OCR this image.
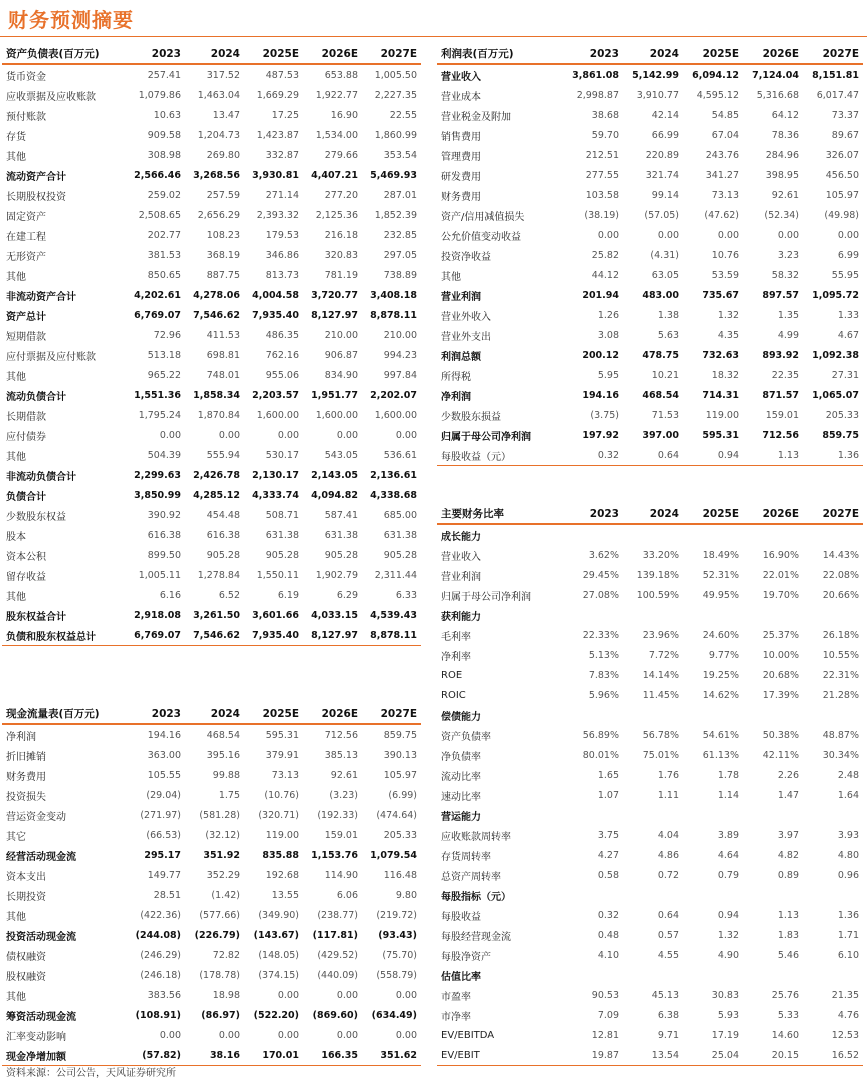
财务预测摘要
资产负债表(百万元)	2023	2024	2025E	2026E	2027E
货币资金	257.41	317.52	487.53	653.88	1,005.50
应收票据及应收账款	1,079.86	1,463.04	1,669.29	1,922.77	2,227.35
预付账款	10.63	13.47	17.25	16.90	22.55
存货	909.58	1,204.73	1,423.87	1,534.00	1,860.99
其他	308.98	269.80	332.87	279.66	353.54
流动资产合计	2,566.46	3,268.56	3,930.81	4,407.21	5,469.93
长期股权投资	259.02	257.59	271.14	277.20	287.01
固定资产	2,508.65	2,656.29	2,393.32	2,125.36	1,852.39
在建工程	202.77	108.23	179.53	216.18	232.85
无形资产	381.53	368.19	346.86	320.83	297.05
其他	850.65	887.75	813.73	781.19	738.89
非流动资产合计	4,202.61	4,278.06	4,004.58	3,720.77	3,408.18
资产总计	6,769.07	7,546.62	7,935.40	8,127.97	8,878.11
短期借款	72.96	411.53	486.35	210.00	210.00
应付票据及应付账款	513.18	698.81	762.16	906.87	994.23
其他	965.22	748.01	955.06	834.90	997.84
流动负债合计	1,551.36	1,858.34	2,203.57	1,951.77	2,202.07
长期借款	1,795.24	1,870.84	1,600.00	1,600.00	1,600.00
应付债券	0.00	0.00	0.00	0.00	0.00
其他	504.39	555.94	530.17	543.05	536.61
非流动负债合计	2,299.63	2,426.78	2,130.17	2,143.05	2,136.61
负债合计	3,850.99	4,285.12	4,333.74	4,094.82	4,338.68
少数股东权益	390.92	454.48	508.71	587.41	685.00
股本	616.38	616.38	631.38	631.38	631.38
资本公积	899.50	905.28	905.28	905.28	905.28
留存收益	1,005.11	1,278.84	1,550.11	1,902.79	2,311.44
其他	6.16	6.52	6.19	6.29	6.33
股东权益合计	2,918.08	3,261.50	3,601.66	4,033.15	4,539.43
负债和股东权益总计	6,769.07	7,546.62	7,935.40	8,127.97	8,878.11
利润表(百万元)	2023	2024	2025E	2026E	2027E
营业收入	3,861.08	5,142.99	6,094.12	7,124.04	8,151.81
营业成本	2,998.87	3,910.77	4,595.12	5,316.68	6,017.47
营业税金及附加	38.68	42.14	54.85	64.12	73.37
销售费用	59.70	66.99	67.04	78.36	89.67
管理费用	212.51	220.89	243.76	284.96	326.07
研发费用	277.55	321.74	341.27	398.95	456.50
财务费用	103.58	99.14	73.13	92.61	105.97
资产/信用减值损失	(38.19)	(57.05)	(47.62)	(52.34)	(49.98)
公允价值变动收益	0.00	0.00	0.00	0.00	0.00
投资净收益	25.82	(4.31)	10.76	3.23	6.99
其他	44.12	63.05	53.59	58.32	55.95
营业利润	201.94	483.00	735.67	897.57	1,095.72
营业外收入	1.26	1.38	1.32	1.35	1.33
营业外支出	3.08	5.63	4.35	4.99	4.67
利润总额	200.12	478.75	732.63	893.92	1,092.38
所得税	5.95	10.21	18.32	22.35	27.31
净利润	194.16	468.54	714.31	871.57	1,065.07
少数股东损益	(3.75)	71.53	119.00	159.01	205.33
归属于母公司净利润	197.92	397.00	595.31	712.56	859.75
每股收益（元）	0.32	0.64	0.94	1.13	1.36
主要财务比率	2023	2024	2025E	2026E	2027E
成长能力					
营业收入	3.62%	33.20%	18.49%	16.90%	14.43%
营业利润	29.45%	139.18%	52.31%	22.01%	22.08%
归属于母公司净利润	27.08%	100.59%	49.95%	19.70%	20.66%
获利能力					
毛利率	22.33%	23.96%	24.60%	25.37%	26.18%
净利率	5.13%	7.72%	9.77%	10.00%	10.55%
ROE	7.83%	14.14%	19.25%	20.68%	22.31%
ROIC	5.96%	11.45%	14.62%	17.39%	21.28%
偿债能力					
资产负债率	56.89%	56.78%	54.61%	50.38%	48.87%
净负债率	80.01%	75.01%	61.13%	42.11%	30.34%
流动比率	1.65	1.76	1.78	2.26	2.48
速动比率	1.07	1.11	1.14	1.47	1.64
营运能力					
应收账款周转率	3.75	4.04	3.89	3.97	3.93
存货周转率	4.27	4.86	4.64	4.82	4.80
总资产周转率	0.58	0.72	0.79	0.89	0.96
每股指标（元）					
每股收益	0.32	0.64	0.94	1.13	1.36
每股经营现金流	0.48	0.57	1.32	1.83	1.71
每股净资产	4.10	4.55	4.90	5.46	6.10
估值比率					
市盈率	90.53	45.13	30.83	25.76	21.35
市净率	7.09	6.38	5.93	5.33	4.76
EV/EBITDA	12.81	9.71	17.19	14.60	12.53
EV/EBIT	19.87	13.54	25.04	20.15	16.52
现金流量表(百万元)	2023	2024	2025E	2026E	2027E
净利润	194.16	468.54	595.31	712.56	859.75
折旧摊销	363.00	395.16	379.91	385.13	390.13
财务费用	105.55	99.88	73.13	92.61	105.97
投资损失	(29.04)	1.75	(10.76)	(3.23)	(6.99)
营运资金变动	(271.97)	(581.28)	(320.71)	(192.33)	(474.64)
其它	(66.53)	(32.12)	119.00	159.01	205.33
经营活动现金流	295.17	351.92	835.88	1,153.76	1,079.54
资本支出	149.77	352.29	192.68	114.90	116.48
长期投资	28.51	(1.42)	13.55	6.06	9.80
其他	(422.36)	(577.66)	(349.90)	(238.77)	(219.72)
投资活动现金流	(244.08)	(226.79)	(143.67)	(117.81)	(93.43)
债权融资	(246.29)	72.82	(148.05)	(429.52)	(75.70)
股权融资	(246.18)	(178.78)	(374.15)	(440.09)	(558.79)
其他	383.56	18.98	0.00	0.00	0.00
筹资活动现金流	(108.91)	(86.97)	(522.20)	(869.60)	(634.49)
汇率变动影响	0.00	0.00	0.00	0.00	0.00
现金净增加额	(57.82)	38.16	170.01	166.35	351.62
资料来源：公司公告，天风证券研究所
